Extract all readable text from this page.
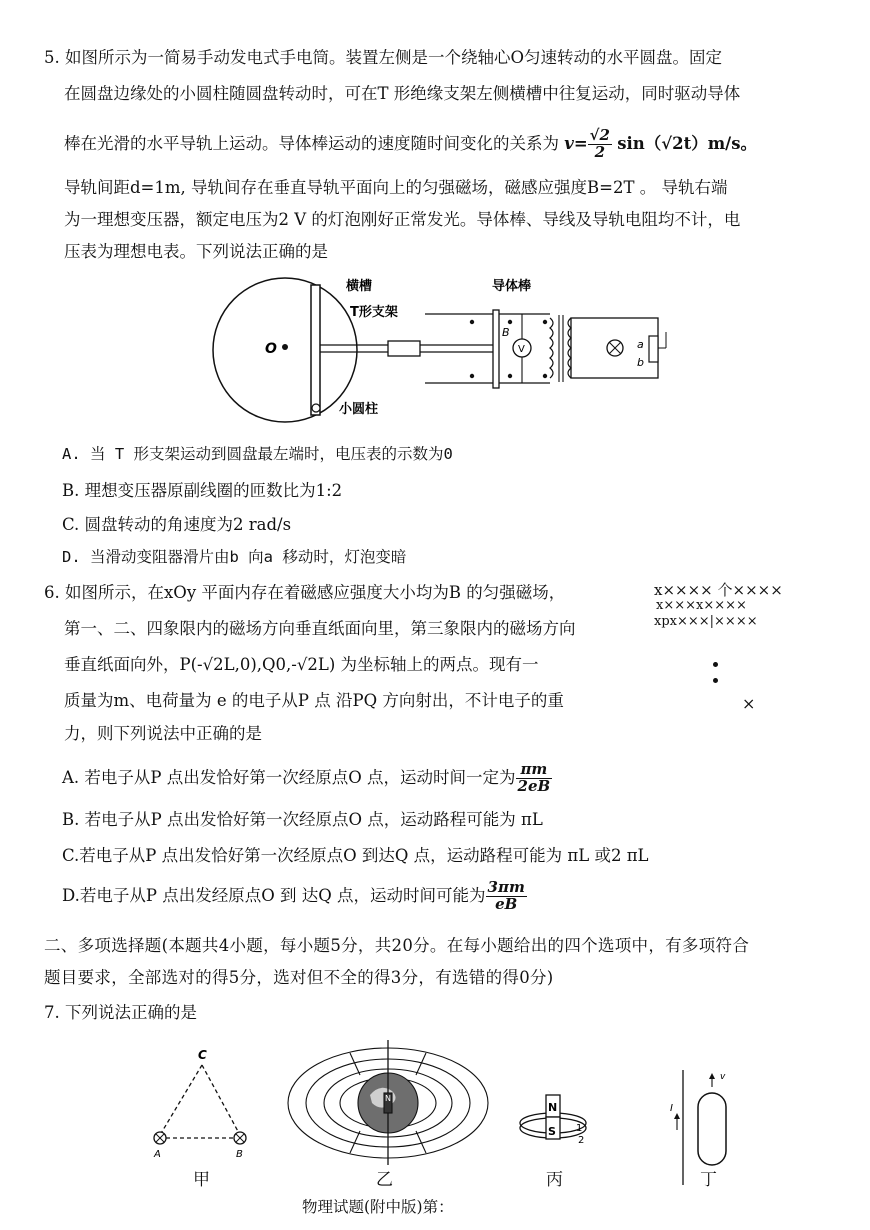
5. 如图所示为一简易手动发电式手电筒。装置左侧是一个绕轴心O匀速转动的水平圆盘。固定
在圆盘边缘处的小圆柱随圆盘转动时，可在T 形绝缘支架左侧横槽中往复运动，同时驱动导体
棒在光滑的水平导轨上运动。导体棒运动的速度随时间变化的关系为 $v= \frac{√2}{2} \sin(√2t)m/s$。
导轨间距d=1m, 导轨间存在垂直导轨平面向上的匀强磁场，磁感应强度B=2T 。 导轨右端
为一理想变压器，额定电压为2 V 的灯泡刚好正常发光。导体棒、导线及导轨电阻均不计，电
压表为理想电表。下列说法正确的是
O
B
V	a
b
横槽
T形支架
导体棒
小圆柱
A. 当 T 形支架运动到圆盘最左端时，电压表的示数为0
B. 理想变压器原副线圈的匝数比为1:2
C. 圆盘转动的角速度为2 rad/s
D. 当滑动变阻器滑片由b 向a 移动时，灯泡变暗
6. 如图所示，在xOy 平面内存在着磁感应强度大小均为B 的匀强磁场，
第一、二、四象限内的磁场方向垂直纸面向里，第三象限内的磁场方向
垂直纸面向外，P(-√2L,0),Q0,-√2L) 为坐标轴上的两点。现有一
质量为m、电荷量为 e 的电子从P 点 沿PQ 方向射出，不计电子的重
力，则下列说法中正确的是
x×××× 个××××
x×××x××××
xpx×××|××××
×
A. 若电子从P 点出发恰好第一次经原点O 点，运动时间一定为 $\frac{\pi m}{2eB}$
B. 若电子从P 点出发恰好第一次经原点O 点，运动路程可能为 πL
C.若电子从P 点出发恰好第一次经原点O 到达Q 点，运动路程可能为 πL 或2 πL
D.若电子从P 点出发经原点O 到 达Q 点，运动时间可能为 $\frac{3\pi m}{eB}$
二、多项选择题(本题共4小题，每小题5分，共20分。在每小题给出的四个选项中，有多项符合
题目要求，全部选对的得5分，选对但不全的得3分，有选错的得0分)
7. 下列说法正确的是
C
A	B
N
N
S 1
2
I
v
甲	乙	丙	丁
物理试题(附中版)第：
